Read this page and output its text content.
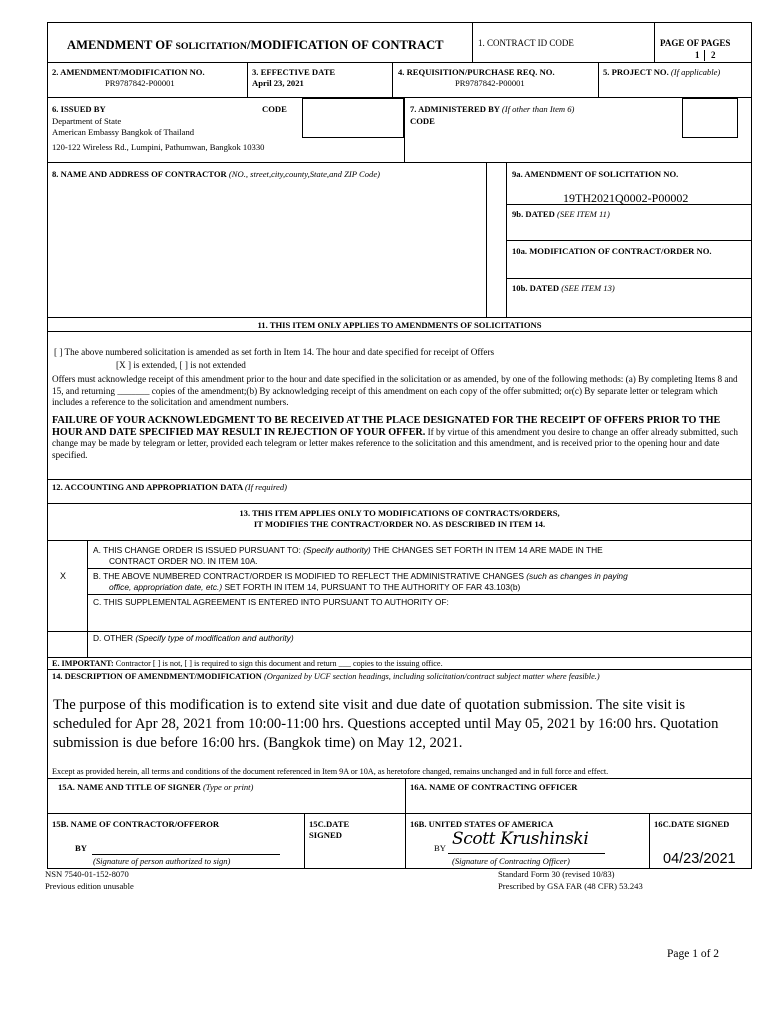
AMENDMENT OF SOLICITATION/MODIFICATION OF CONTRACT	1. CONTRACT ID CODE	PAGE OF PAGES
1 2
2. AMENDMENT/MODIFICATION NO.
PR9787842-P00001
3. EFFECTIVE DATE
April 23, 2021
4. REQUISITION/PURCHASE REQ. NO.
PR9787842-P00001
5. PROJECT NO. (If applicable)
6. ISSUED BY	CODE
Department of State
American Embassy Bangkok of Thailand
120-122 Wireless Rd., Lumpini, Pathumwan, Bangkok 10330
7. ADMINISTERED BY (If other than Item 6)
CODE
8. NAME AND ADDRESS OF CONTRACTOR (NO., street,city,county,State,and ZIP Code)	9a. AMENDMENT OF SOLICITATION NO.
19TH2021Q0002-P00002
9b. DATED (SEE ITEM 11)
10a. MODIFICATION OF CONTRACT/ORDER NO.
10b. DATED (SEE ITEM 13)
11. THIS ITEM ONLY APPLIES TO AMENDMENTS OF SOLICITATIONS
[ ] The above numbered solicitation is amended as set forth in Item 14. The hour and date specified for receipt of Offers
[X ] is extended, [ ] is not extended
Offers must acknowledge receipt of this amendment prior to the hour and date specified in the solicitation or as amended, by one of the following methods: (a) By completing Items 8 and 15, and returning _______ copies of the amendment;(b) By acknowledging receipt of this amendment on each copy of the offer submitted; or(c) By separate letter or telegram which includes a reference to the solicitation and amendment numbers.
FAILURE OF YOUR ACKNOWLEDGMENT TO BE RECEIVED AT THE PLACE DESIGNATED FOR THE RECEIPT OF OFFERS PRIOR TO THE HOUR AND DATE SPECIFIED MAY RESULT IN REJECTION OF YOUR OFFER. If by virtue of this amendment you desire to change an offer already submitted, such change may be made by telegram or letter, provided each telegram or letter makes reference to the solicitation and this amendment, and is received prior to the opening hour and date specified.
12. ACCOUNTING AND APPROPRIATION DATA (If required)
13. THIS ITEM APPLIES ONLY TO MODIFICATIONS OF CONTRACTS/ORDERS,
IT MODIFIES THE CONTRACT/ORDER NO. AS DESCRIBED IN ITEM 14.
A. THIS CHANGE ORDER IS ISSUED PURSUANT TO: (Specify authority) THE CHANGES SET FORTH IN ITEM 14 ARE MADE IN THE
CONTRACT ORDER NO. IN ITEM 10A.
X	B. THE ABOVE NUMBERED CONTRACT/ORDER IS MODIFIED TO REFLECT THE ADMINISTRATIVE CHANGES (such as changes in paying
office, appropriation date, etc.) SET FORTH IN ITEM 14, PURSUANT TO THE AUTHORITY OF FAR 43.103(b)
C. THIS SUPPLEMENTAL AGREEMENT IS ENTERED INTO PURSUANT TO AUTHORITY OF:
D. OTHER (Specify type of modification and authority)
E. IMPORTANT: Contractor [ ] is not, [ ] is required to sign this document and return ___ copies to the issuing office.
14. DESCRIPTION OF AMENDMENT/MODIFICATION (Organized by UCF section headings, including solicitation/contract subject matter where feasible.)
The purpose of this modification is to extend site visit and due date of quotation submission. The site visit is scheduled for Apr 28, 2021 from 10:00-11:00 hrs. Questions accepted until May 05, 2021 by 16:00 hrs. Quotation submission is due before 16:00 hrs. (Bangkok time) on May 12, 2021.
Except as provided herein, all terms and conditions of the document referenced in Item 9A or 10A, as heretofore changed, remains unchanged and in full force and effect.
15A. NAME AND TITLE OF SIGNER (Type or print)	16A. NAME OF CONTRACTING OFFICER
15B. NAME OF CONTRACTOR/OFFEROR
BY
(Signature of person authorized to sign)
15C.DATE
SIGNED
16B. UNITED STATES OF AMERICA
BY Scott Krushinski
(Signature of Contracting Officer)
16C.DATE SIGNED
04/23/2021
NSN 7540-01-152-8070
Previous edition unusable
Standard Form 30 (revised 10/83)
Prescribed by GSA FAR (48 CFR) 53.243
Page 1 of 2
